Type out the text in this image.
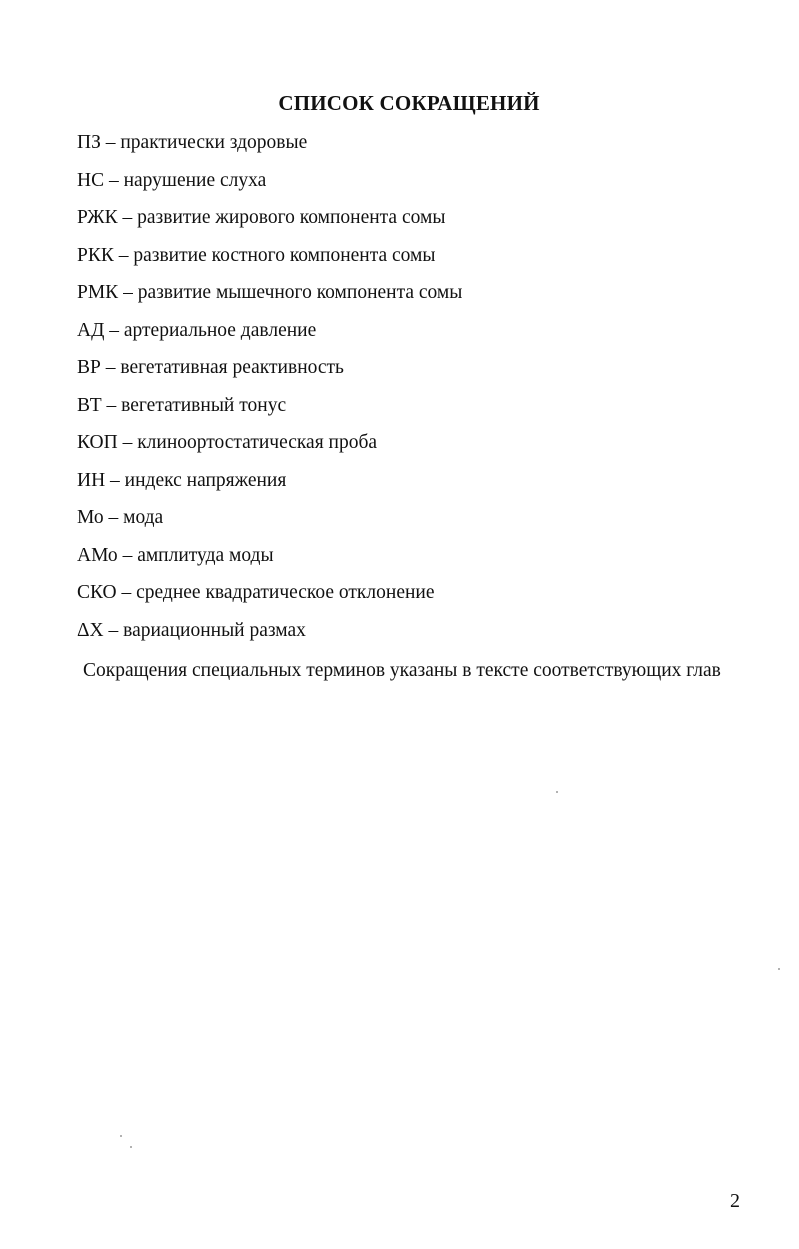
СПИСОК СОКРАЩЕНИЙ
ПЗ – практически здоровые
НС – нарушение слуха
РЖК – развитие жирового компонента сомы
РКК – развитие костного компонента сомы
РМК – развитие мышечного компонента сомы
АД – артериальное давление
ВР – вегетативная реактивность
ВТ – вегетативный тонус
КОП – клиноортостатическая проба
ИН – индекс напряжения
Мо – мода
АМо – амплитуда моды
СКО – среднее квадратическое отклонение
ΔХ – вариационный размах
Сокращения специальных терминов указаны в тексте соответствующих глав
2
